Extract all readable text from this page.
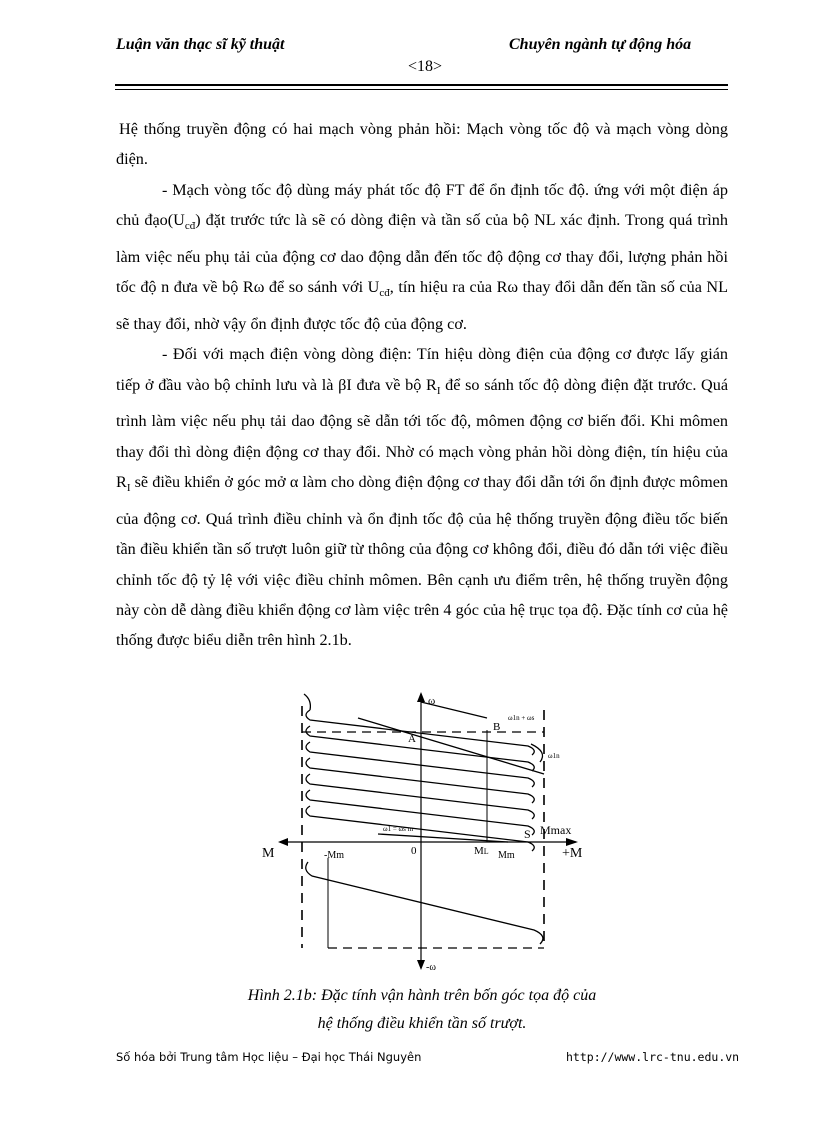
Luận văn thạc sĩ kỹ thuật	Chuyên ngành tự động hóa
<18>

Hệ thống truyền động có hai mạch vòng phản hồi: Mạch vòng tốc độ và mạch vòng dòng điện.

- Mạch vòng tốc độ dùng máy phát tốc độ FT để ổn định tốc độ. ứng với một điện áp chủ $đạo(U_{cđ})$ đặt trước tức là sẽ có dòng điện và tần số của bộ NL xác định. Trong quá trình làm việc nếu phụ tải của động cơ dao động dẫn đến tốc độ động cơ thay đổi, lượng phản hồi tốc độ n đưa về bộ Rω để so sánh với $U_{cđ}$, tín hiệu ra của Rω thay đổi dẫn đến tần số của NL sẽ thay đổi, nhờ vậy ổn định được tốc độ của động cơ.

- Đối với mạch điện vòng dòng điện: Tín hiệu dòng điện của động cơ được lấy gián tiếp ở đầu vào bộ chỉnh lưu và là βI đưa về bộ $R_I$ để so sánh tốc độ dòng điện đặt trước. Quá trình làm việc nếu phụ tải dao động sẽ dẫn tới tốc độ, mômen động cơ biến đổi. Khi mômen thay đổi thì dòng điện động cơ thay đổi. Nhờ có mạch vòng phản hồi dòng điện, tín hiệu của $R_I$ sẽ điều khiển ở góc mở α làm cho dòng điện động cơ thay đổi dẫn tới ổn định được mômen của động cơ. Quá trình điều chỉnh và ổn định tốc độ của hệ thống truyền động điều tốc biến tần điều khiển tần số trượt luôn giữ từ thông của động cơ không đổi, điều đó dẫn tới việc điều chỉnh tốc độ tỷ lệ với việc điều chỉnh mômen. Bên cạnh ưu điểm trên, hệ thống truyền động này còn dễ dàng điều khiển động cơ làm việc trên 4 góc của hệ trục tọa độ. Đặc tính cơ của hệ thống được biểu diễn trên hình 2.1b.

ω
-ω
M	+M
-Mm	0	ML Mm
S Mmax
A
B
ω1n + ωs
ω1n
ω1 = ωs m
Hình 2.1b: Đặc tính vận hành trên bốn góc tọa độ của
hệ thống điều khiển tần số trượt.
Số hóa bởi Trung tâm Học liệu – Đại học Thái Nguyên	http://www.lrc-tnu.edu.vn
